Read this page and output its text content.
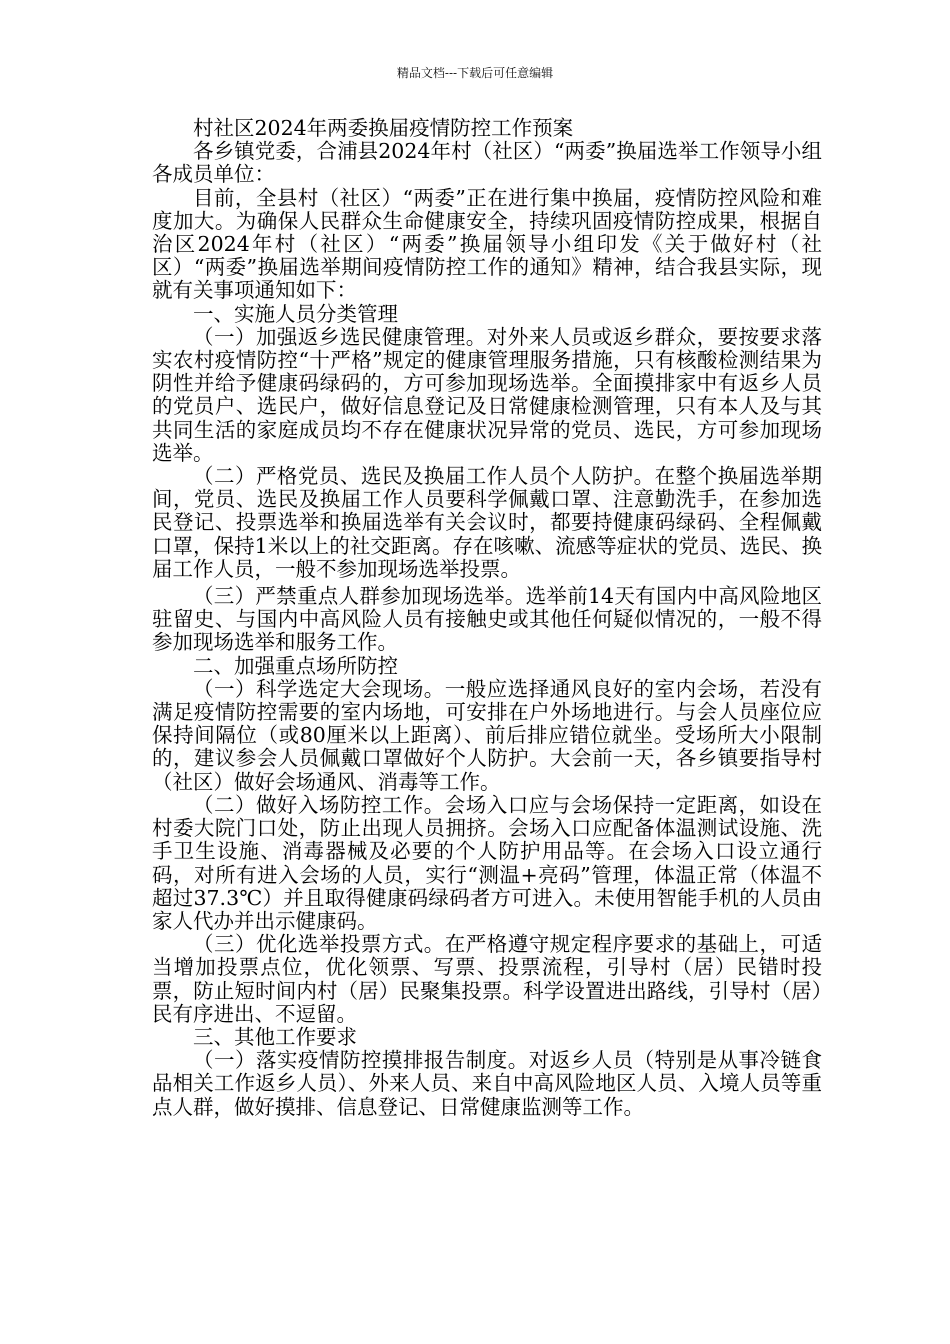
精品文档---下载后可任意编辑

村社区2024年两委换届疫情防控工作预案

各乡镇党委，合浦县2024年村（社区）“两委”换届选举工作领导小组各成员单位：

目前，全县村（社区）“两委”正在进行集中换届，疫情防控风险和难度加大。为确保人民群众生命健康安全，持续巩固疫情防控成果，根据自治区2024年村（社区）“两委”换届领导小组印发《关于做好村（社区）“两委”换届选举期间疫情防控工作的通知》精神，结合我县实际，现就有关事项通知如下：

一、实施人员分类管理

（一）加强返乡选民健康管理。对外来人员或返乡群众，要按要求落实农村疫情防控“十严格”规定的健康管理服务措施，只有核酸检测结果为阴性并给予健康码绿码的，方可参加现场选举。全面摸排家中有返乡人员的党员户、选民户，做好信息登记及日常健康检测管理，只有本人及与其共同生活的家庭成员均不存在健康状况异常的党员、选民，方可参加现场选举。

（二）严格党员、选民及换届工作人员个人防护。在整个换届选举期间，党员、选民及换届工作人员要科学佩戴口罩、注意勤洗手，在参加选民登记、投票选举和换届选举有关会议时，都要持健康码绿码、全程佩戴口罩，保持1米以上的社交距离。存在咳嗽、流感等症状的党员、选民、换届工作人员，一般不参加现场选举投票。

（三）严禁重点人群参加现场选举。选举前14天有国内中高风险地区驻留史、与国内中高风险人员有接触史或其他任何疑似情况的，一般不得参加现场选举和服务工作。

二、加强重点场所防控

（一）科学选定大会现场。一般应选择通风良好的室内会场，若没有满足疫情防控需要的室内场地，可安排在户外场地进行。与会人员座位应保持间隔位（或80厘米以上距离）、前后排应错位就坐。受场所大小限制的，建议参会人员佩戴口罩做好个人防护。大会前一天，各乡镇要指导村（社区）做好会场通风、消毒等工作。

（二）做好入场防控工作。会场入口应与会场保持一定距离，如设在村委大院门口处，防止出现人员拥挤。会场入口应配备体温测试设施、洗手卫生设施、消毒器械及必要的个人防护用品等。在会场入口设立通行码，对所有进入会场的人员，实行“测温+亮码”管理，体温正常（体温不超过37.3℃）并且取得健康码绿码者方可进入。未使用智能手机的人员由家人代办并出示健康码。

（三）优化选举投票方式。在严格遵守规定程序要求的基础上，可适当增加投票点位，优化领票、写票、投票流程，引导村（居）民错时投票，防止短时间内村（居）民聚集投票。科学设置进出路线，引导村（居）民有序进出、不逗留。

三、其他工作要求

（一）落实疫情防控摸排报告制度。对返乡人员（特别是从事冷链食品相关工作返乡人员）、外来人员、来自中高风险地区人员、入境人员等重点人群，做好摸排、信息登记、日常健康监测等工作。
